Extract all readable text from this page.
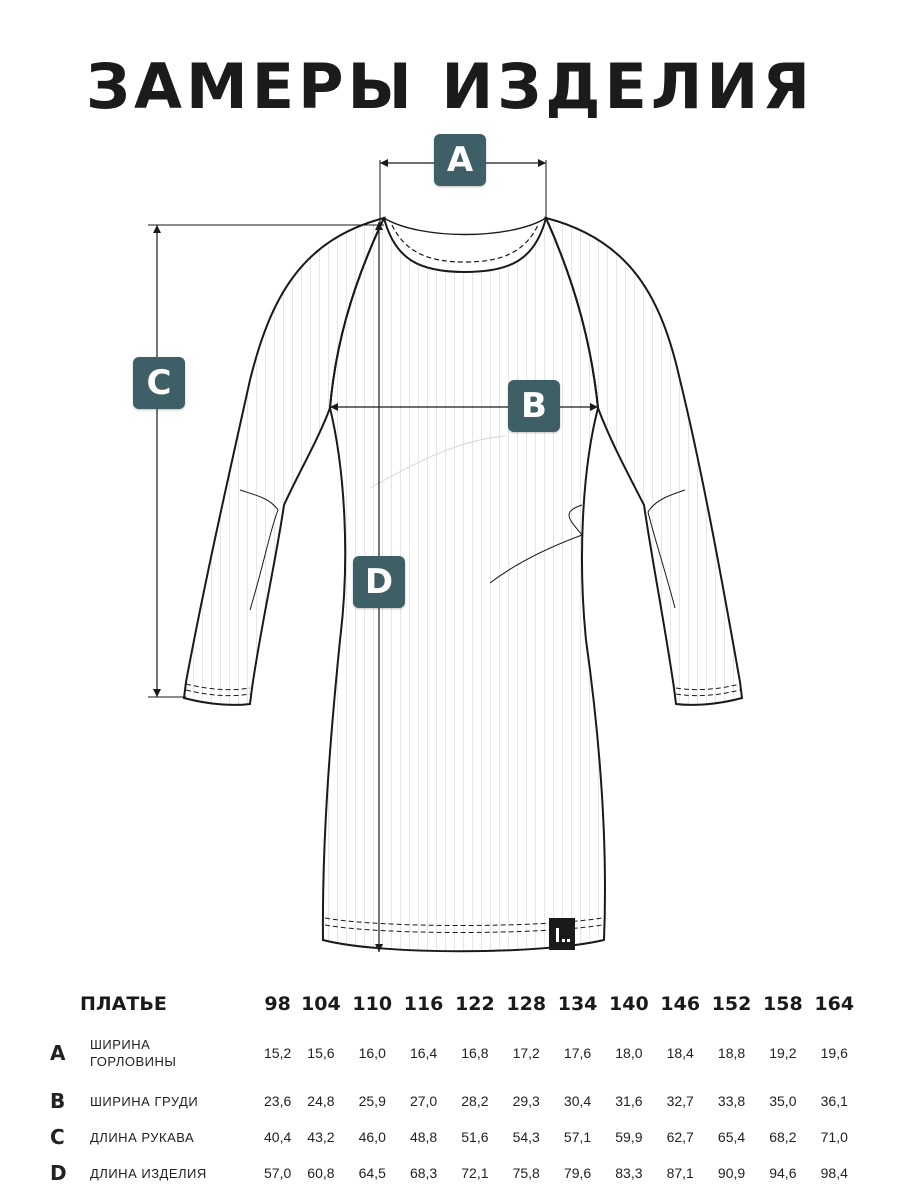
ЗАМЕРЫ ИЗДЕЛИЯ
A
B
C
D
ПЛАТЬЕ		98	104	110	116	122	128	134	140	146	152	158	164
A	ШИРИНА
ГОРЛОВИНЫ	15,2	15,6	16,0	16,4	16,8	17,2	17,6	18,0	18,4	18,8	19,2	19,6
B	ШИРИНА ГРУДИ	23,6	24,8	25,9	27,0	28,2	29,3	30,4	31,6	32,7	33,8	35,0	36,1
C	ДЛИНА РУКАВА	40,4	43,2	46,0	48,8	51,6	54,3	57,1	59,9	62,7	65,4	68,2	71,0
D	ДЛИНА ИЗДЕЛИЯ	57,0	60,8	64,5	68,3	72,1	75,8	79,6	83,3	87,1	90,9	94,6	98,4
